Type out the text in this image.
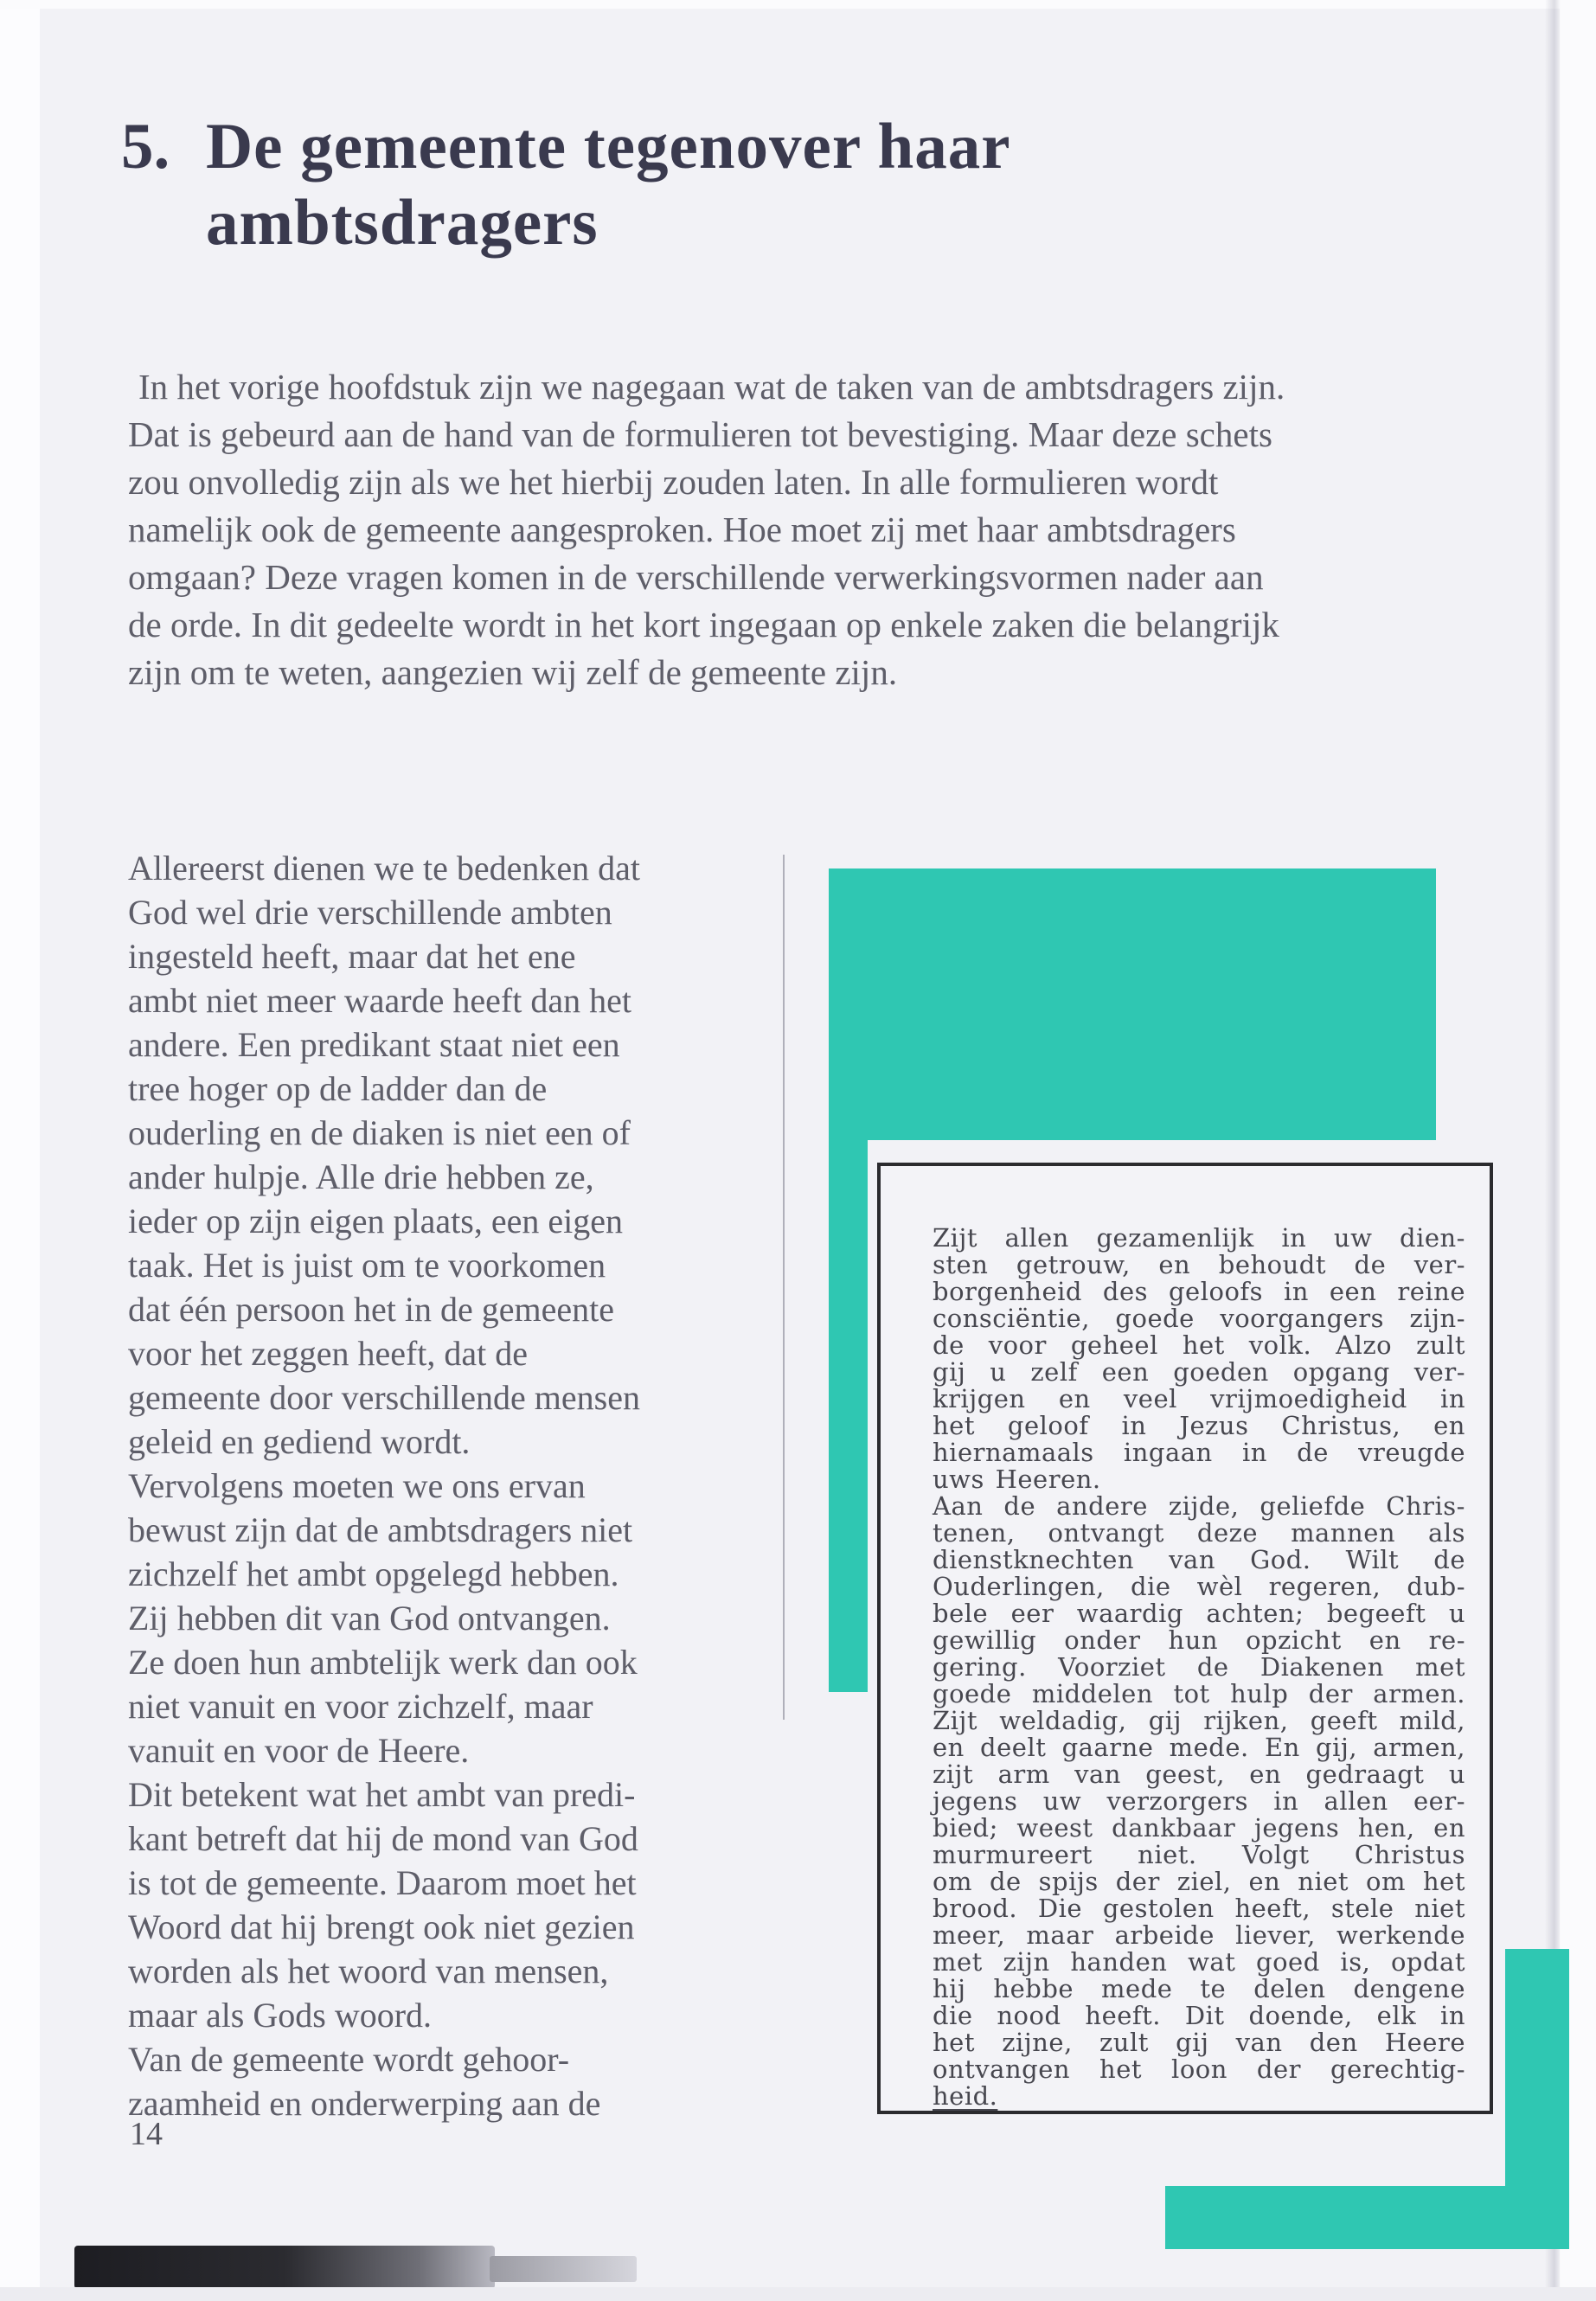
5. De gemeente tegenover haar
ambtsdragers
In het vorige hoofdstuk zijn we nagegaan wat de taken van de ambtsdragers zijn.
Dat is gebeurd aan de hand van de formulieren tot bevestiging. Maar deze schets
zou onvolledig zijn als we het hierbij zouden laten. In alle formulieren wordt
namelijk ook de gemeente aangesproken. Hoe moet zij met haar ambtsdragers
omgaan? Deze vragen komen in de verschillende verwerkingsvormen nader aan
de orde. In dit gedeelte wordt in het kort ingegaan op enkele zaken die belangrijk
zijn om te weten, aangezien wij zelf de gemeente zijn.
Allereerst dienen we te bedenken dat
God wel drie verschillende ambten
ingesteld heeft, maar dat het ene
ambt niet meer waarde heeft dan het
andere. Een predikant staat niet een
tree hoger op de ladder dan de
ouderling en de diaken is niet een of
ander hulpje. Alle drie hebben ze,
ieder op zijn eigen plaats, een eigen
taak. Het is juist om te voorkomen
dat één persoon het in de gemeente
voor het zeggen heeft, dat de
gemeente door verschillende mensen
geleid en gediend wordt.
Vervolgens moeten we ons ervan
bewust zijn dat de ambtsdragers niet
zichzelf het ambt opgelegd hebben.
Zij hebben dit van God ontvangen.
Ze doen hun ambtelijk werk dan ook
niet vanuit en voor zichzelf, maar
vanuit en voor de Heere.
Dit betekent wat het ambt van predi-
kant betreft dat hij de mond van God
is tot de gemeente. Daarom moet het
Woord dat hij brengt ook niet gezien
worden als het woord van mensen,
maar als Gods woord.
Van de gemeente wordt gehoor-
zaamheid en onderwerping aan de
Zijt allen gezamenlijk in uw dien-
sten getrouw, en behoudt de ver-
borgenheid des geloofs in een reine
consciëntie, goede voorgangers zijn-
de voor geheel het volk. Alzo zult
gij u zelf een goeden opgang ver-
krijgen en veel vrijmoedigheid in
het geloof in Jezus Christus, en
hiernamaals ingaan in de vreugde
uws Heeren.
Aan de andere zijde, geliefde Chris-
tenen, ontvangt deze mannen als
dienstknechten van God. Wilt de
Ouderlingen, die wèl regeren, dub-
bele eer waardig achten; begeeft u
gewillig onder hun opzicht en re-
gering. Voorziet de Diakenen met
goede middelen tot hulp der armen.
Zijt weldadig, gij rijken, geeft mild,
en deelt gaarne mede. En gij, armen,
zijt arm van geest, en gedraagt u
jegens uw verzorgers in allen eer-
bied; weest dankbaar jegens hen, en
murmureert niet. Volgt Christus
om de spijs der ziel, en niet om het
brood. Die gestolen heeft, stele niet
meer, maar arbeide liever, werkende
met zijn handen wat goed is, opdat
hij hebbe mede te delen dengene
die nood heeft. Dit doende, elk in
het zijne, zult gij van den Heere
ontvangen het loon der gerechtig-
heid.
14
